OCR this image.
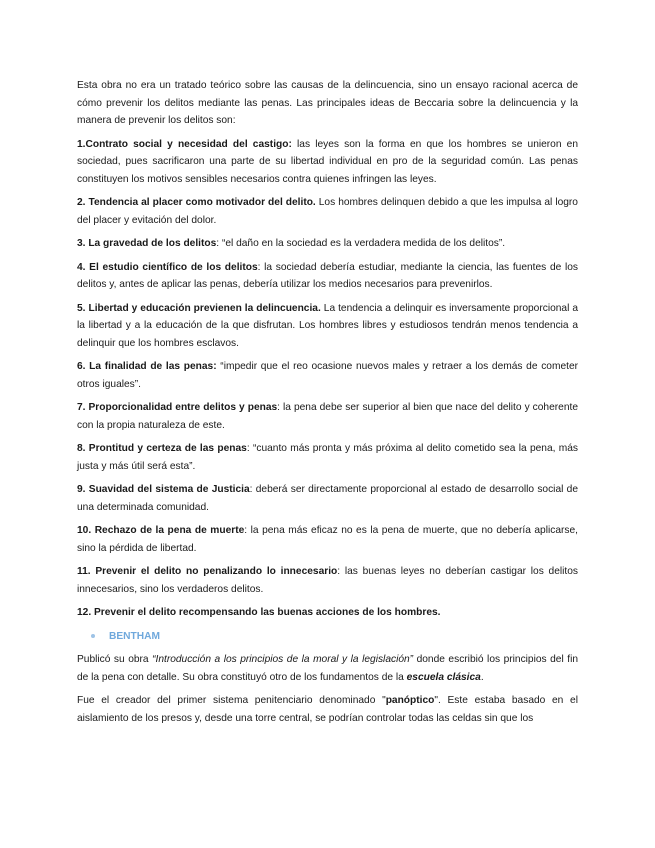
Esta obra no era un tratado teórico sobre las causas de la delincuencia, sino un ensayo racional acerca de cómo prevenir los delitos mediante las penas. Las principales ideas de Beccaria sobre la delincuencia y la manera de prevenir los delitos son:

1.Contrato social y necesidad del castigo: las leyes son la forma en que los hombres se unieron en sociedad, pues sacrificaron una parte de su libertad individual en pro de la seguridad común. Las penas constituyen los motivos sensibles necesarios contra quienes infringen las leyes.

2. Tendencia al placer como motivador del delito. Los hombres delinquen debido a que les impulsa al logro del placer y evitación del dolor.

3. La gravedad de los delitos: “el daño en la sociedad es la verdadera medida de los delitos”.

4. El estudio científico de los delitos: la sociedad debería estudiar, mediante la ciencia, las fuentes de los delitos y, antes de aplicar las penas, debería utilizar los medios necesarios para prevenirlos.

5. Libertad y educación previenen la delincuencia. La tendencia a delinquir es inversamente proporcional a la libertad y a la educación de la que disfrutan. Los hombres libres y estudiosos tendrán menos tendencia a delinquir que los hombres esclavos.

6. La finalidad de las penas: “impedir que el reo ocasione nuevos males y retraer a los demás de cometer otros iguales”.

7. Proporcionalidad entre delitos y penas: la pena debe ser superior al bien que nace del delito y coherente con la propia naturaleza de este.

8. Prontitud y certeza de las penas: “cuanto más pronta y más próxima al delito cometido sea la pena, más justa y más útil será esta”.

9. Suavidad del sistema de Justicia: deberá ser directamente proporcional al estado de desarrollo social de una determinada comunidad.

10. Rechazo de la pena de muerte: la pena más eficaz no es la pena de muerte, que no debería aplicarse, sino la pérdida de libertad.

11. Prevenir el delito no penalizando lo innecesario: las buenas leyes no deberían castigar los delitos innecesarios, sino los verdaderos delitos.

12. Prevenir el delito recompensando las buenas acciones de los hombres.

BENTHAM

Publicó su obra “Introducción a los principios de la moral y la legislación” donde escribió los principios del fin de la pena con detalle. Su obra constituyó otro de los fundamentos de la escuela clásica.

Fue el creador del primer sistema penitenciario denominado "panóptico". Este estaba basado en el aislamiento de los presos y, desde una torre central, se podrían controlar todas las celdas sin que los
